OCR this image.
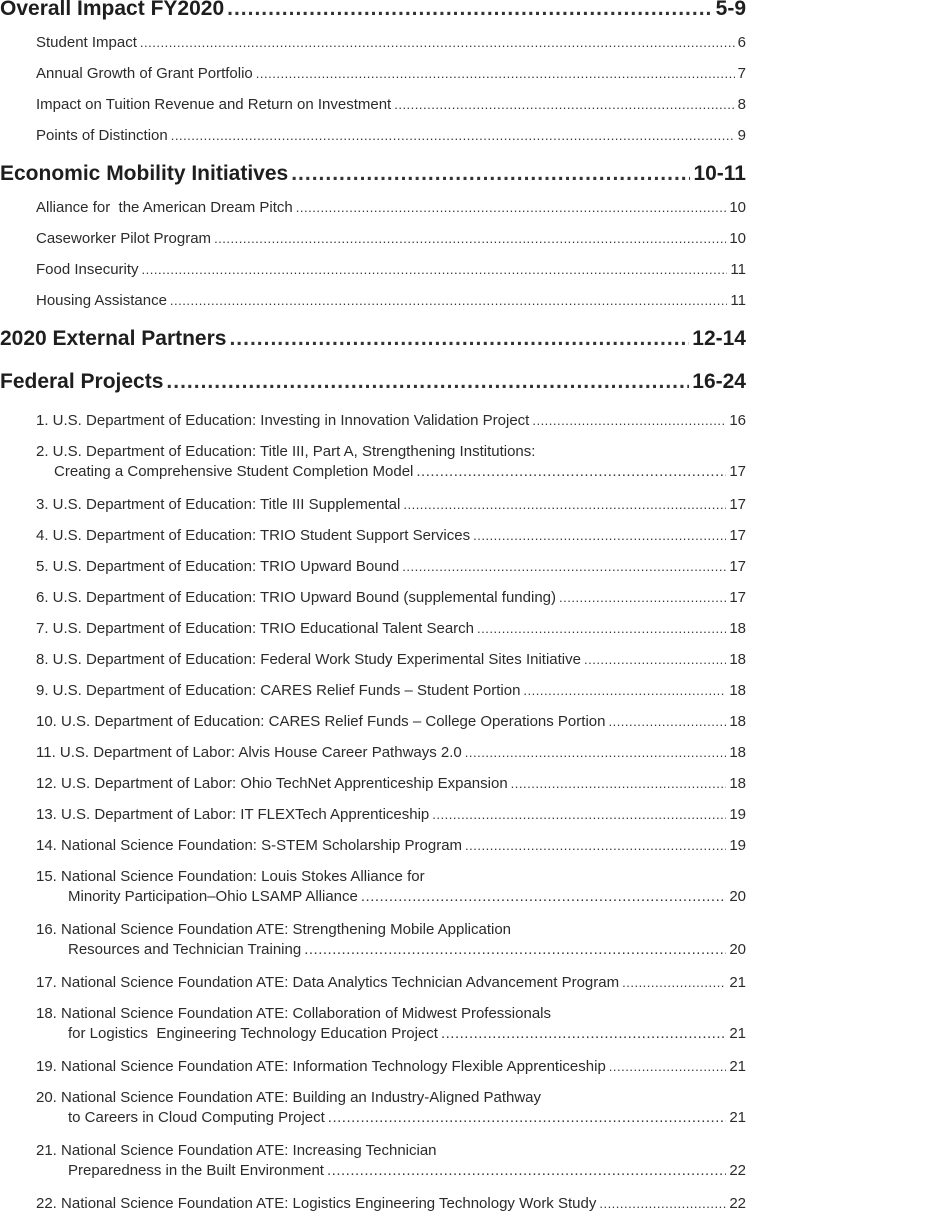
Overall Impact FY2020 .....	5-9
Student Impact .....	6
Annual Growth of Grant Portfolio .....	7
Impact on Tuition Revenue and Return on Investment .....	8
Points of Distinction .....	9
Economic Mobility Initiatives .....	10-11
Alliance for  the American Dream Pitch .....	10
Caseworker Pilot Program .....	10
Food Insecurity .....	11
Housing Assistance .....	11
2020 External Partners .....	12-14
Federal Projects .....	16-24
1. U.S. Department of Education: Investing in Innovation Validation Project .....	16
2. U.S. Department of Education: Title III, Part A, Strengthening Institutions:
Creating a Comprehensive Student Completion Model .....	17
3. U.S. Department of Education: Title III Supplemental .....	17
4. U.S. Department of Education: TRIO Student Support Services .....	17
5. U.S. Department of Education: TRIO Upward Bound .....	17
6. U.S. Department of Education: TRIO Upward Bound (supplemental funding) .....	17
7. U.S. Department of Education: TRIO Educational Talent Search .....	18
8. U.S. Department of Education: Federal Work Study Experimental Sites Initiative .....	18
9. U.S. Department of Education: CARES Relief Funds – Student Portion .....	18
10. U.S. Department of Education: CARES Relief Funds – College Operations Portion .....	18
11. U.S. Department of Labor: Alvis House Career Pathways 2.0 .....	18
12. U.S. Department of Labor: Ohio TechNet Apprenticeship Expansion .....	18
13. U.S. Department of Labor: IT FLEXTech Apprenticeship .....	19
14. National Science Foundation: S-STEM Scholarship Program .....	19
15. National Science Foundation: Louis Stokes Alliance for
Minority Participation–Ohio LSAMP Alliance .....	20
16. National Science Foundation ATE: Strengthening Mobile Application
Resources and Technician Training .....	20
17. National Science Foundation ATE: Data Analytics Technician Advancement Program .....	21
18. National Science Foundation ATE: Collaboration of Midwest Professionals
for Logistics  Engineering Technology Education Project .....	21
19. National Science Foundation ATE: Information Technology Flexible Apprenticeship .....	21
20. National Science Foundation ATE: Building an Industry-Aligned Pathway
to Careers in Cloud Computing Project .....	21
21. National Science Foundation ATE: Increasing Technician
Preparedness in the Built Environment .....	22
22. National Science Foundation ATE: Logistics Engineering Technology Work Study .....	22
